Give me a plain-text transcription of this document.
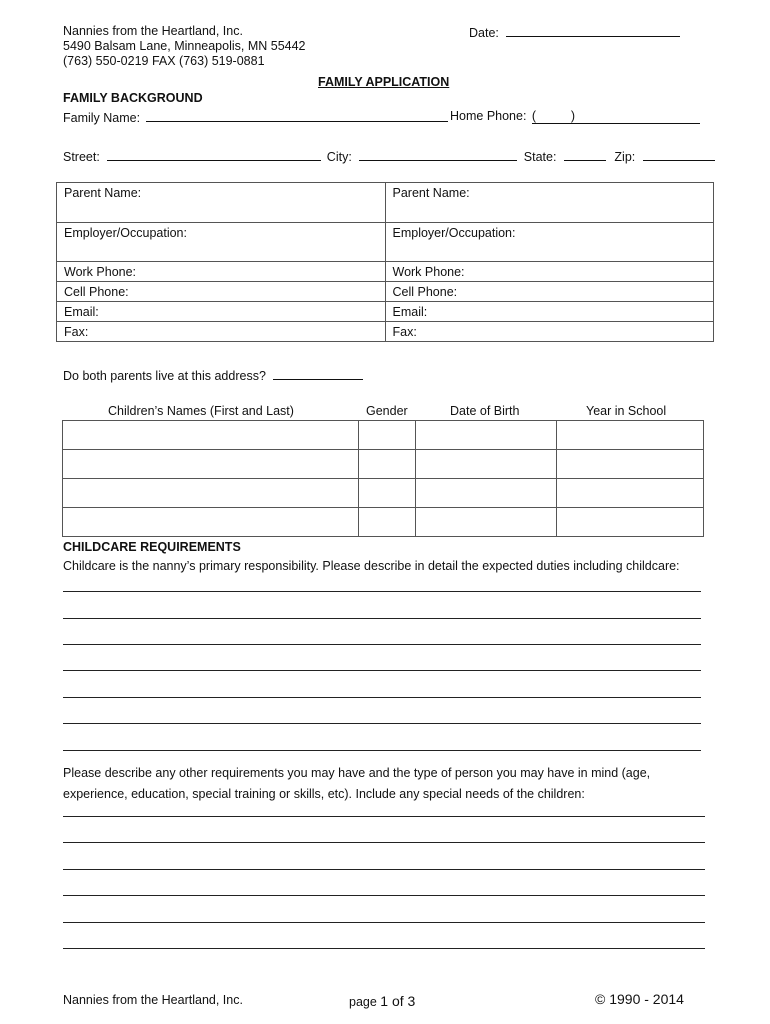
Nannies from the Heartland, Inc.
5490 Balsam Lane, Minneapolis, MN 55442
(763) 550-0219 FAX (763) 519-0881
Date:
FAMILY APPLICATION
FAMILY BACKGROUND
Family Name:	Home Phone: (          )
Street:	City:	State:	Zip:
Parent Name:	Parent Name:
Employer/Occupation:	Employer/Occupation:
Work Phone:	Work Phone:
Cell Phone:	Cell Phone:
Email:	Email:
Fax:	Fax:
Do both parents live at this address?
Children’s Names (First and Last)	Gender	Date of Birth	Year in School

CHILDCARE REQUIREMENTS
Childcare is the nanny’s primary responsibility. Please describe in detail the expected duties including childcare:
Please describe any other requirements you may have and the type of person you may have in mind (age,
experience, education, special training or skills, etc). Include any special needs of the children:
Nannies from the Heartland, Inc.	page 1 of 3	© 1990 - 2014
